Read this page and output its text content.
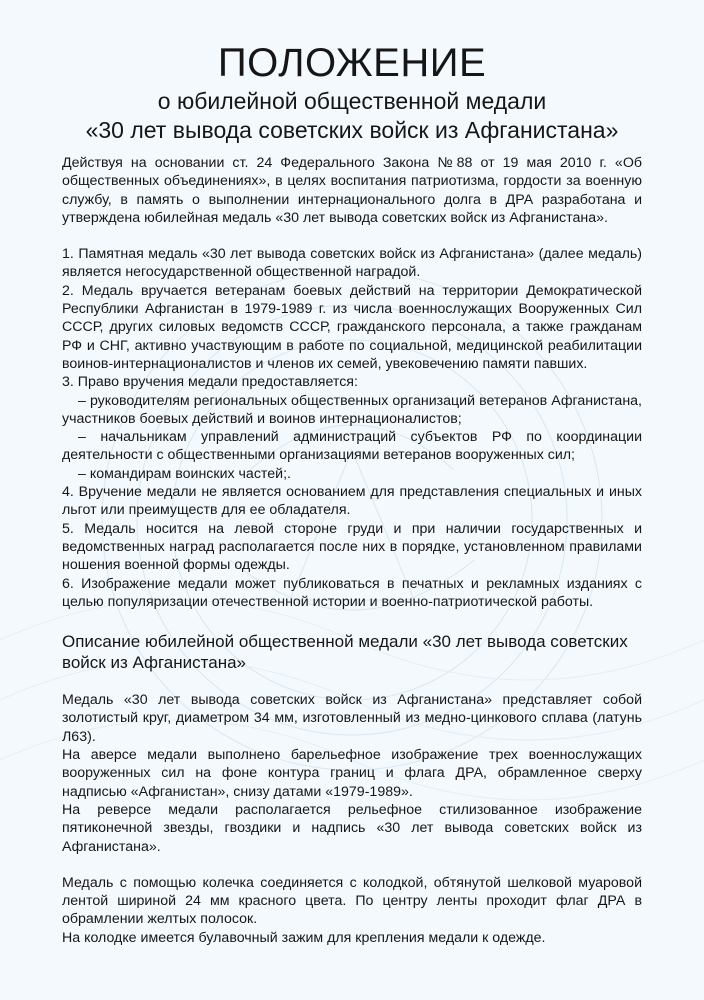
ПОЛОЖЕНИЕ

о юбилейной общественной медали

«30 лет вывода советских войск из Афганистана»

Действуя на основании ст. 24 Федерального Закона №88 от 19 мая 2010 г. «Об общественных объединениях», в целях воспитания патриотизма, гордости за военную службу, в память о выполнении интернационального долга в ДРА разработана и утверждена юбилейная медаль «30 лет вывода советских войск из Афганистана».

1. Памятная медаль «30 лет вывода советских войск из Афганистана» (далее медаль) является негосударственной общественной наградой.

2. Медаль вручается ветеранам боевых действий на территории Демократической Республики Афганистан в 1979-1989 г. из числа военнослужащих Вооруженных Сил СССР, других силовых ведомств СССР, гражданского персонала, а также гражданам РФ и СНГ, активно участвующим в работе по социальной, медицинской реабилитации воинов-интернационалистов и членов их семей, увековечению памяти павших.

3. Право вручения медали предоставляется:

– руководителям региональных общественных организаций ветеранов Афганистана, участников боевых действий и воинов интернационалистов;

– начальникам управлений администраций субъектов РФ по координации деятельности с общественными организациями ветеранов вооруженных сил;

– командирам воинских частей;.

4. Вручение медали не является основанием для представления специальных и иных льгот или преимуществ для ее обладателя.

5. Медаль носится на левой стороне груди и при наличии государственных и ведомственных наград располагается после них в порядке, установленном правилами ношения военной формы одежды.

6. Изображение медали может публиковаться в печатных и рекламных изданиях с целью популяризации отечественной истории и военно-патриотической работы.

Описание юбилейной общественной медали «30 лет вывода советских войск из Афганистана»

Медаль «30 лет вывода советских войск из Афганистана» представляет собой золотистый круг, диаметром 34 мм, изготовленный из медно-цинкового сплава (латунь Л63).

На аверсе медали выполнено барельефное изображение трех военнослужащих вооруженных сил на фоне контура границ и флага ДРА, обрамленное сверху надписью «Афганистан», снизу датами «1979-1989».

На реверсе медали располагается рельефное стилизованное изображение пятиконечной звезды, гвоздики и надпись «30 лет вывода советских войск из Афганистана».

Медаль с помощью колечка соединяется с колодкой, обтянутой шелковой муаровой лентой шириной 24 мм красного цвета. По центру ленты проходит флаг ДРА в обрамлении желтых полосок.

На колодке имеется булавочный зажим для крепления медали к одежде.
